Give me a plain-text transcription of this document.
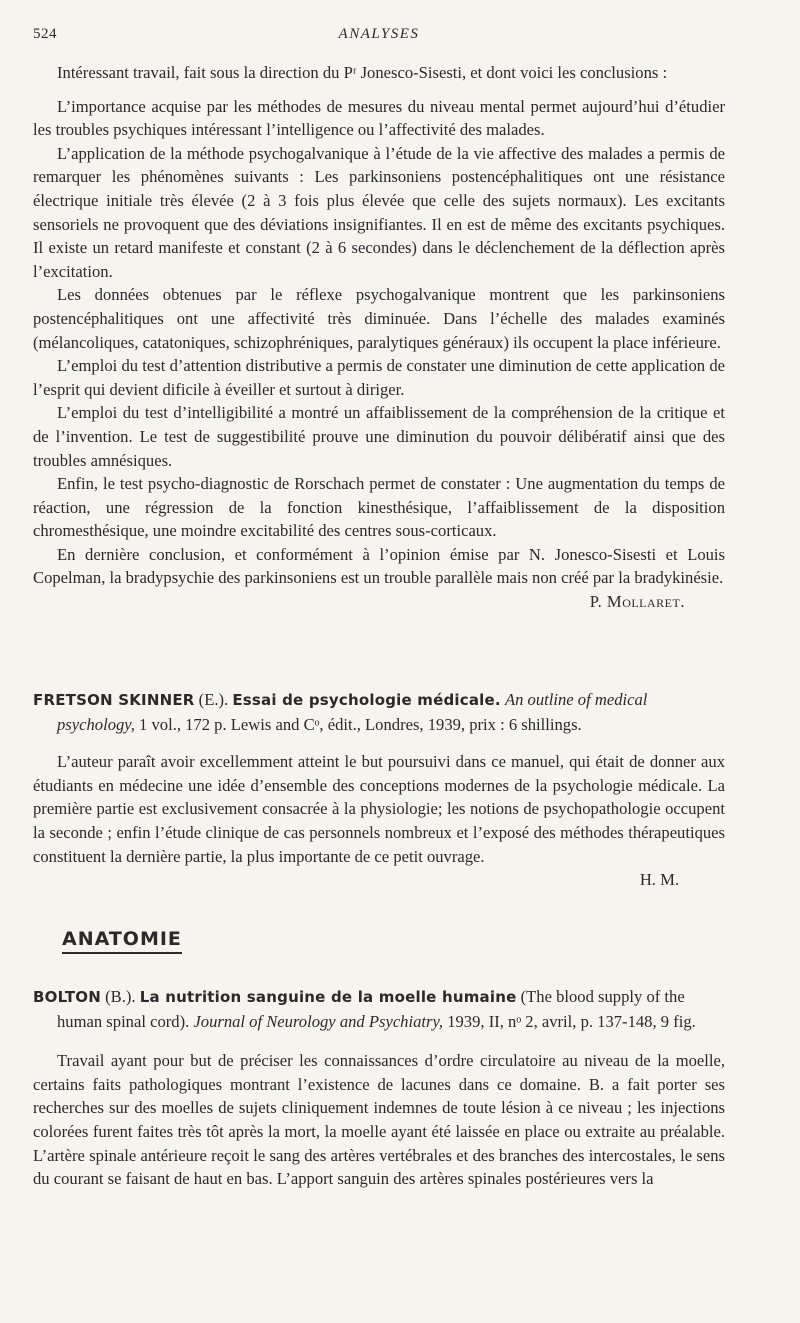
524	ANALYSES

Intéressant travail, fait sous la direction du Pʳ Jonesco-Sisesti, et dont voici les conclusions :

L’importance acquise par les méthodes de mesures du niveau mental permet aujourd’hui d’étudier les troubles psychiques intéressant l’intelligence ou l’affectivité des malades.

L’application de la méthode psychogalvanique à l’étude de la vie affective des malades a permis de remarquer les phénomènes suivants : Les parkinsoniens postencéphalitiques ont une résistance électrique initiale très élevée (2 à 3 fois plus élevée que celle des sujets normaux). Les excitants sensoriels ne provoquent que des déviations insignifiantes. Il en est de même des excitants psychiques. Il existe un retard manifeste et constant (2 à 6 secondes) dans le déclenchement de la déflection après l’excitation.

Les données obtenues par le réflexe psychogalvanique montrent que les parkinsoniens postencéphalitiques ont une affectivité très diminuée. Dans l’échelle des malades examinés (mélancoliques, catatoniques, schizophréniques, paralytiques généraux) ils occupent la place inférieure.

L’emploi du test d’attention distributive a permis de constater une diminution de cette application de l’esprit qui devient dificile à éveiller et surtout à diriger.

L’emploi du test d’intelligibilité a montré un affaiblissement de la compréhension de la critique et de l’invention. Le test de suggestibilité prouve une diminution du pouvoir délibératif ainsi que des troubles amnésiques.

Enfin, le test psycho-diagnostic de Rorschach permet de constater : Une augmentation du temps de réaction, une régression de la fonction kinesthésique, l’affaiblissement de la disposition chromesthésique, une moindre excitabilité des centres sous-corticaux.

En dernière conclusion, et conformément à l’opinion émise par N. Jonesco-Sisesti et Louis Copelman, la bradypsychie des parkinsoniens est un trouble parallèle mais non créé par la bradykinésie.

P. Mollaret.

FRETSON SKINNER (E.). Essai de psychologie médicale. An outline of medical psychology, 1 vol., 172 p. Lewis and Cᵒ, édit., Londres, 1939, prix : 6 shillings.

L’auteur paraît avoir excellemment atteint le but poursuivi dans ce manuel, qui était de donner aux étudiants en médecine une idée d’ensemble des conceptions modernes de la psychologie médicale. La première partie est exclusivement consacrée à la physiologie; les notions de psychopathologie occupent la seconde ; enfin l’étude clinique de cas personnels nombreux et l’exposé des méthodes thérapeutiques constituent la dernière partie, la plus importante de ce petit ouvrage.

H. M.

ANATOMIE

BOLTON (B.). La nutrition sanguine de la moelle humaine (The blood supply of the human spinal cord). Journal of Neurology and Psychiatry, 1939, II, nᵒ 2, avril, p. 137-148, 9 fig.

Travail ayant pour but de préciser les connaissances d’ordre circulatoire au niveau de la moelle, certains faits pathologiques montrant l’existence de lacunes dans ce domaine. B. a fait porter ses recherches sur des moelles de sujets cliniquement indemnes de toute lésion à ce niveau ; les injections colorées furent faites très tôt après la mort, la moelle ayant été laissée en place ou extraite au préalable. L’artère spinale antérieure reçoit le sang des artères vertébrales et des branches des intercostales, le sens du courant se faisant de haut en bas. L’apport sanguin des artères spinales postérieures vers la
